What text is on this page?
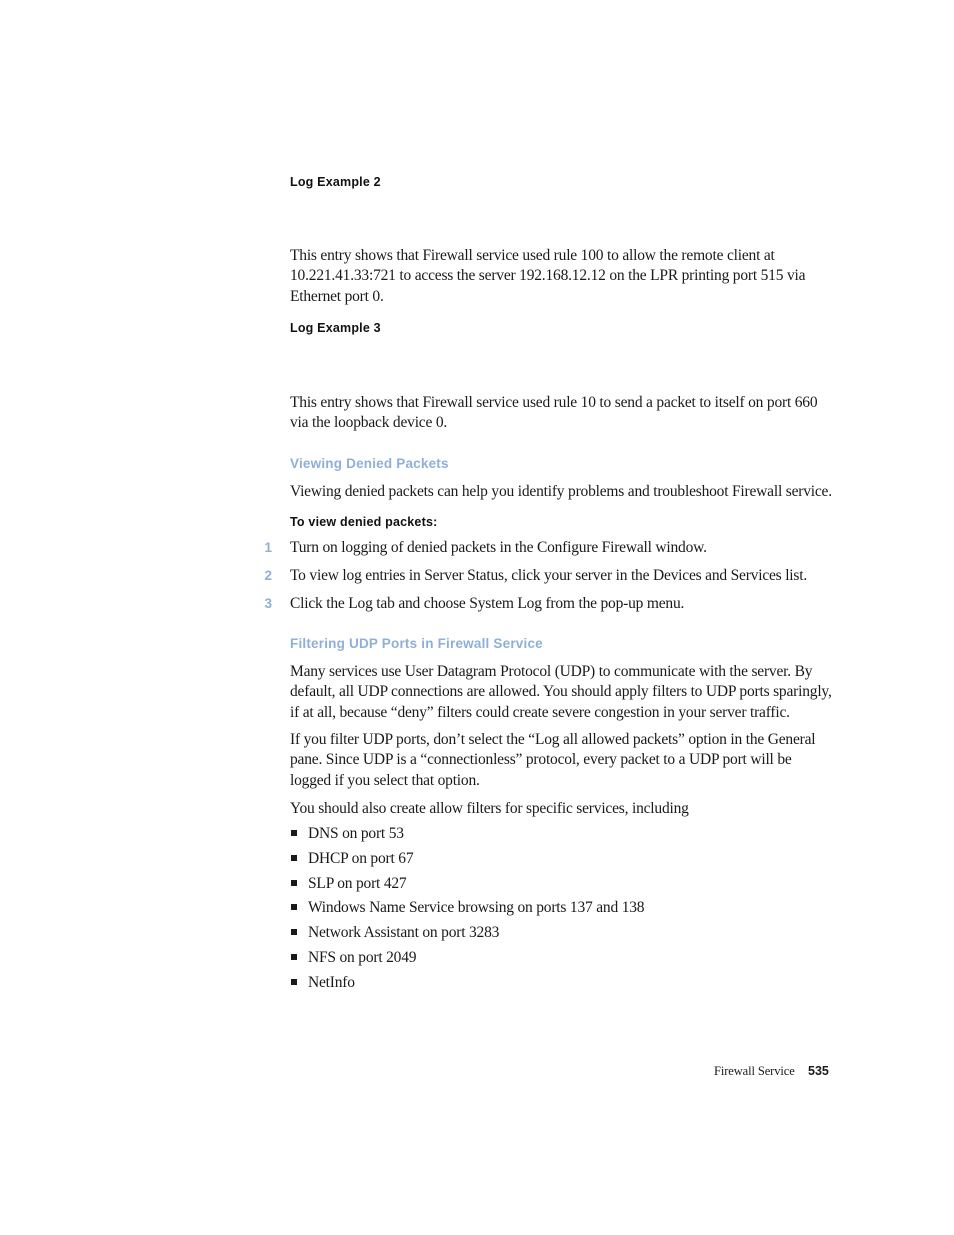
Log Example 2
This entry shows that Firewall service used rule 100 to allow the remote client at 10.221.41.33:721 to access the server 192.168.12.12 on the LPR printing port 515 via Ethernet port 0.
Log Example 3
This entry shows that Firewall service used rule 10 to send a packet to itself on port 660 via the loopback device 0.
Viewing Denied Packets
Viewing denied packets can help you identify problems and troubleshoot Firewall service.
To view denied packets:
1 Turn on logging of denied packets in the Configure Firewall window.
2 To view log entries in Server Status, click your server in the Devices and Services list.
3 Click the Log tab and choose System Log from the pop-up menu.
Filtering UDP Ports in Firewall Service
Many services use User Datagram Protocol (UDP) to communicate with the server. By default, all UDP connections are allowed. You should apply filters to UDP ports sparingly, if at all, because “deny” filters could create severe congestion in your server traffic.
If you filter UDP ports, don’t select the “Log all allowed packets” option in the General pane. Since UDP is a “connectionless” protocol, every packet to a UDP port will be logged if you select that option.
You should also create allow filters for specific services, including
DNS on port 53
DHCP on port 67
SLP on port 427
Windows Name Service browsing on ports 137 and 138
Network Assistant on port 3283
NFS on port 2049
NetInfo
Firewall Service 535
